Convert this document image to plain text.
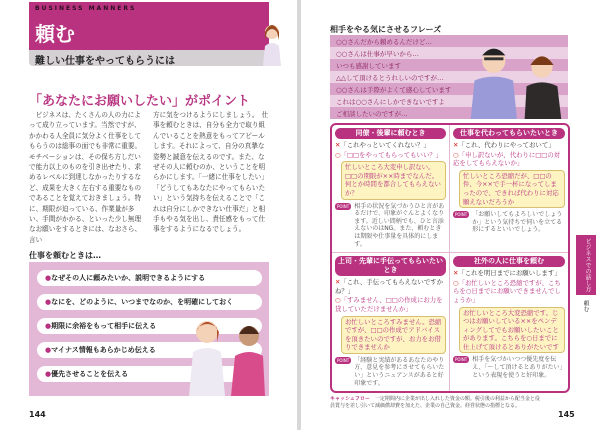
BUSINESS MANNERS
頼む
難しい仕事をやってもらうには
「あなたにお願いしたい」がポイント
　ビジネスは、たくさんの人の力によって成り立っています。当然ですが、かかわる人全員に気分よく仕事をしてもらうのは総事の面でも非常に重要。モチベーションは、その保ち方しだいで能力以上のものを引き出せたり、求めるレベルに到達しなかったりするなど、成果を大きく左右する重要なものであることを覚えておきましょう。特に、期限が迫っている、作業量が多い、手間がかかる、といった少し無理なお願いをするときには、なおさら、言い
方に気をつけるようにしましょう。　仕事を頼むときは、自分も全力で取り組んでいることを熱意をもってアピールします。それによって、自分の真摯な姿勢と誠意を伝えるのです。また、なぜその人に頼むのか、ということを明らかにします。「一緒に仕事をしたい」「どうしてもあなたにやってもらいたい」という気持ちを伝えることで「これは自分にしかできない仕事だ」と相手もやる気を出し、責任感をもって仕事をするようになるでしょう。
仕事を頼むときは…
●なぜその人に頼みたいか、説明できるようにする
●なにを、どのように、いつまでなのか、を明確にしておく
●期限に余裕をもって相手に伝える
●マイナス情報もあらかじめ伝える
●優先させることを伝える
144
相手をやる気にさせるフレーズ
○○さんだから頼めるんだけど…
○○さんは仕事が早いから…
いつも感謝しています
△△して頂けるとうれしいのですが…
○○さんは手際がよくて感心しています
これは○○さんにしかできないですよ
ご相談したいのですが…
同僚・後輩に頼むとき
✕「これやっといてくれない？」
○「□□をやってもらってもいい？」
忙しいところ大変申し訳ない。□□の期限が××時までなんだ。何とか時間を都合してもらえないか？
POINT 相手の状況を気づかうひと言があるだけで、印象がぐんとよくなります。近しい間柄でも、ひと言添えないのはNG。また、頼むときは期限や仕事量を具体的にします。
仕事を代わってもらいたいとき
✕「これ、代わりにやっておいて」
○「申し訳ないが、代わりに□□の対応をしてもらえないか」
忙しいところ恐縮だが、□□の件、今××で手一杯になってしまったので、できれば代わりに対応願えないだろうか
POINT 「お願いしてもよろしいでしょうか」という気持ちで伺いを立てる形にするといいでしょう。
上司・先輩に手伝ってもらいたいとき
✕「これ、手伝ってもらえないですかね？」
○「すみません、□□の作成にお力を貸していただけませんか」
お忙しいところすみません。恐縮ですが、□□の作成でアドバイスを頂きたいのですが、お力をお借りできませんか
POINT 「経験と実績があるあなたのやり方、意見を参考にさせてもらいたい」というニュアンスがあると好印象です。
社外の人に仕事を頼む
✕「これを明日までにお願いします」
○「お忙しいところ恐縮ですが、こちらを○日までにお願いできませんでしょうか」
お忙しいところ大変恐縮です。じつはお願いしている××をペンディングしてでもお願いしたいことがあります。こちらを○日までに仕上げて頂けるとありがたいです
POINT 相手を気づかいつつ優先度を伝え、「～して頂けるとありがたい」という表現を使うと好印象。
キャッシュフロー　 一定期間内に企業が出し入れした資金の額。税引後の利益から配当金と役員賞与を差し引いて減価償却費を加えた、企業の自己資金。経営状態の指標となる。
145
ビジネスでの話し方
頼む
